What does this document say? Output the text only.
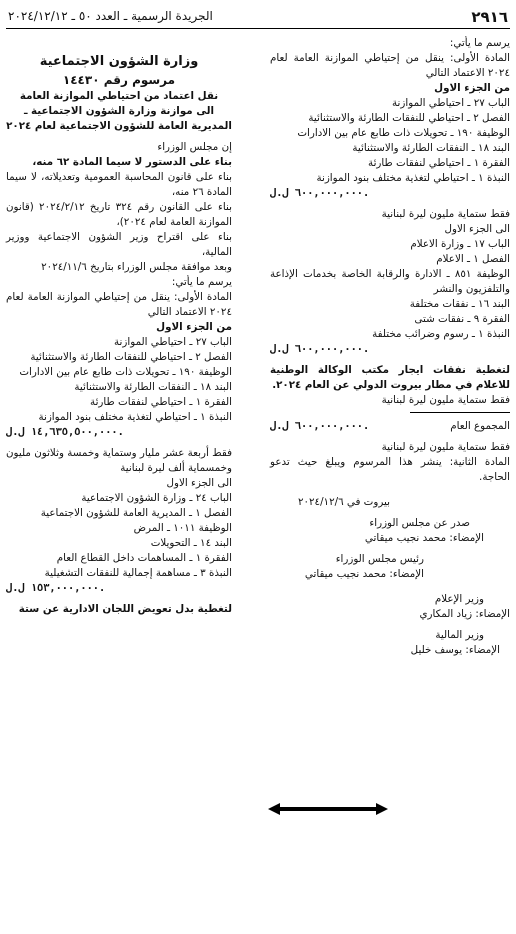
٢٩١٦
الجريدة الرسمية ـ العدد ٥٠ ـ ٢٠٢٤/١٢/١٢

يرسم ما يأتي:

المادة الأولى: ينقل من إحتياطي الموازنة العامة لعام ٢٠٢٤ الاعتماد التالي

من الجزء الاول

الباب ٢٧ ـ احتياطي الموازنة

الفصل ٢ ـ احتياطي للنفقات الطارئة والاستثنائية

الوظيفة ١٩٠ ـ تحويلات ذات طابع عام بين الادارات

البند ١٨ ـ النفقات الطارئة والاستثنائية

الفقرة ١ ـ احتياطي لنفقات طارئة

النبذة ١ ـ احتياطي لتغذية مختلف بنود الموازنة

٦٠٠,٠٠٠,٠٠٠ ل.ل.

فقط ستماية مليون ليرة لبنانية

الى الجزء الاول

الباب ١٧ ـ وزارة الاعلام

الفصل ١ ـ الاعلام

الوظيفة ٨٥١ ـ الادارة والرقابة الخاصة بخدمات الإذاعة والتلفزيون والنشر

البند ١٦ ـ نفقات مختلفة

الفقرة ٩ ـ نفقات شتى

النبذة ١ ـ رسوم وضرائب مختلفة

٦٠٠,٠٠٠,٠٠٠ ل.ل.

لتغطية نفقات ايجار مكتب الوكالة الوطنية للاعلام في مطار بيروت الدولي عن العام ٢٠٢٤.

فقط ستماية مليون ليرة لبنانية

المجموع العام

٦٠٠,٠٠٠,٠٠٠ ل.ل.

فقط ستماية مليون ليرة لبنانية

المادة الثانية: ينشر هذا المرسوم ويبلغ حيث تدعو الحاجة.

بيروت في ٢٠٢٤/١٢/٦

صدر عن مجلس الوزراء

الإمضاء: محمد نجيب ميقاتي

رئيس مجلس الوزراء

الإمضاء: محمد نجيب ميقاتي

وزير الإعلام

الإمضاء: زياد المكاري

وزير المالية

الإمضاء: يوسف خليل

وزارة الشؤون الاجتماعية

مرسوم رقم ١٤٤٣٠

نقل اعتماد من احتياطي الموازنة العامة

الى موازنة وزارة الشؤون الاجتماعية ـ

المديرية العامة للشؤون الاجتماعية لعام ٢٠٢٤

إن مجلس الوزراء

بناء على الدستور لا سيما المادة ٦٢ منه،

بناء على قانون المحاسبة العمومية وتعديلاته، لا سيما المادة ٢٦ منه،

بناء على القانون رقم ٣٢٤ تاريخ ٢٠٢٤/٢/١٢ (قانون الموازنة العامة لعام ٢٠٢٤)،

بناء على اقتراح وزير الشؤون الاجتماعية ووزير المالية،

وبعد موافقة مجلس الوزراء بتاريخ ٢٠٢٤/١١/٦

يرسم ما يأتي:

المادة الأولى: ينقل من إحتياطي الموازنة العامة لعام ٢٠٢٤ الاعتماد التالي

من الجزء الاول

الباب ٢٧ ـ احتياطي الموازنة

الفصل ٢ ـ احتياطي للنفقات الطارئة والاستثنائية

الوظيفة ١٩٠ ـ تحويلات ذات طابع عام بين الادارات

البند ١٨ ـ النفقات الطارئة والاستثنائية

الفقرة ١ ـ احتياطي لنفقات طارئة

النبذة ١ ـ احتياطي لتغذية مختلف بنود الموازنة

١٤,٦٣٥,٥٠٠,٠٠٠ ل.ل.

فقط أربعة عشر مليار وستماية وخمسة وثلاثون مليون وخمسماية ألف ليرة لبنانية

الى الجزء الاول

الباب ٢٤ ـ وزارة الشؤون الاجتماعية

الفصل ١ ـ المديرية العامة للشؤون الاجتماعية

الوظيفة ١٠١١ ـ المرض

البند ١٤ ـ التحويلات

الفقرة ١ ـ المساهمات داخل القطاع العام

النبذة ٣ ـ مساهمة إجمالية للنفقات التشغيلية

١٥٣,٠٠٠,٠٠٠ ل.ل.

لتغطية بدل تعويض اللجان الادارية عن ستة
